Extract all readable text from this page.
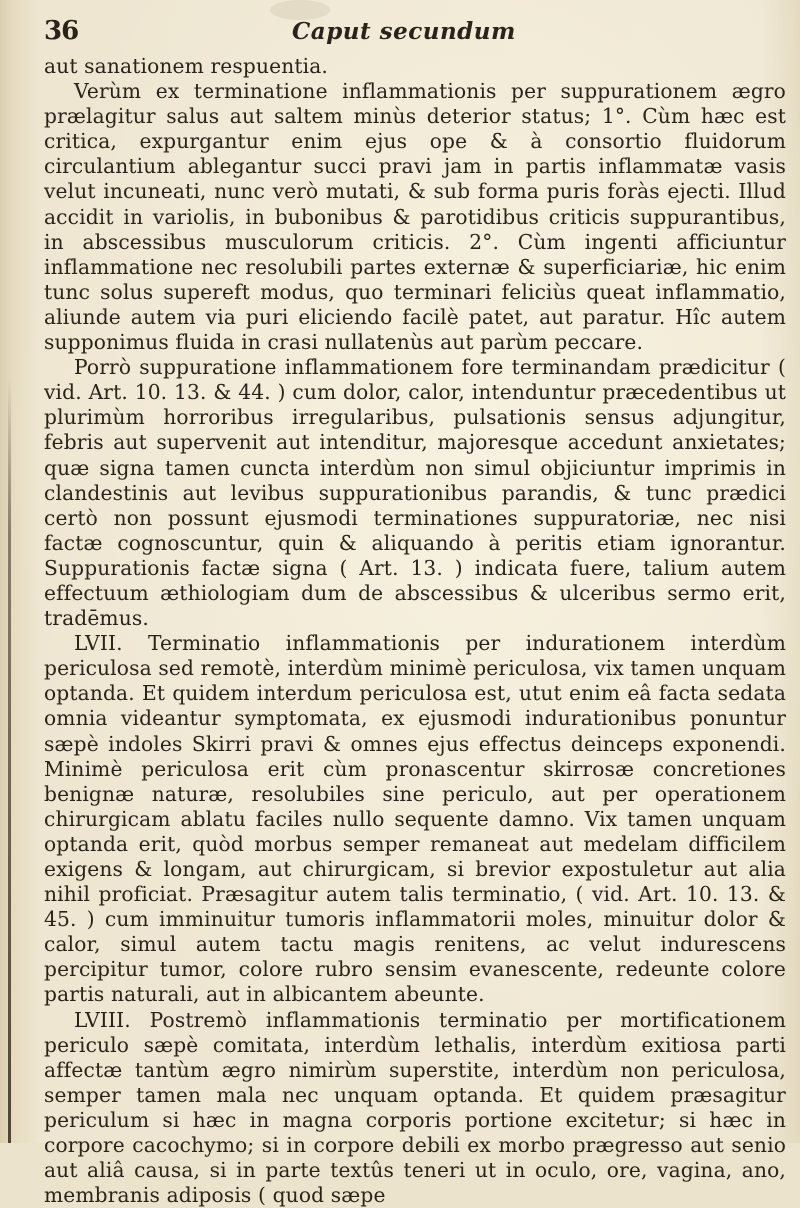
36	Caput secundum

aut sanationem respuentia.

Verùm ex terminatione inflammationis per suppurationem ægro prælagitur salus aut saltem minùs deterior status; 1°. Cùm hæc est critica, expurgantur enim ejus ope & à consortio fluidorum circulantium ablegantur succi pravi jam in partis inflammatæ vasis velut incuneati, nunc verò mutati, & sub forma puris foràs ejecti. Illud accidit in variolis, in bubonibus & parotidibus criticis suppurantibus, in abscessibus musculorum criticis. 2°. Cùm ingenti afficiuntur inflammatione nec resolubili partes externæ & superficiariæ, hic enim tunc solus supereft modus, quo terminari feliciùs queat inflammatio, aliunde autem via puri eliciendo facilè patet, aut paratur. Hîc autem supponimus fluida in crasi nullatenùs aut parùm peccare.

Porrò suppuratione inflammationem fore terminandam prædicitur ( vid. Art. 10. 13. & 44. ) cum dolor, calor, intenduntur præcedentibus ut plurimùm horroribus irregularibus, pulsationis sensus adjungitur, febris aut supervenit aut intenditur, majoresque accedunt anxietates; quæ signa tamen cuncta interdùm non simul objiciuntur imprimis in clandestinis aut levibus suppurationibus parandis, & tunc prædici certò non possunt ejusmodi terminationes suppuratoriæ, nec nisi factæ cognoscuntur, quin & aliquando à peritis etiam ignorantur. Suppurationis factæ signa ( Art. 13. ) indicata fuere, talium autem effectuum æthiologiam dum de abscessibus & ulceribus sermo erit, tradēmus.

LVII. Terminatio inflammationis per indurationem interdùm periculosa sed remotè, interdùm minimè periculosa, vix tamen unquam optanda. Et quidem interdum periculosa est, utut enim eâ facta sedata omnia videantur symptomata, ex ejusmodi indurationibus ponuntur sæpè indoles Skirri pravi & omnes ejus effectus deinceps exponendi. Minimè periculosa erit cùm pronascentur skirrosæ concretiones benignæ naturæ, resolubiles sine periculo, aut per operationem chirurgicam ablatu faciles nullo sequente damno. Vix tamen unquam optanda erit, quòd morbus semper remaneat aut medelam difficilem exigens & longam, aut chirurgicam, si brevior expostuletur aut alia nihil proficiat. Præsagitur autem talis terminatio, ( vid. Art. 10. 13. & 45. ) cum imminuitur tumoris inflammatorii moles, minuitur dolor & calor, simul autem tactu magis renitens, ac velut indurescens percipitur tumor, colore rubro sensim evanescente, redeunte colore partis naturali, aut in albicantem abeunte.

LVIII. Postremò inflammationis terminatio per mortificationem periculo sæpè comitata, interdùm lethalis, interdùm exitiosa parti affectæ tantùm ægro nimirùm superstite, interdùm non periculosa, semper tamen mala nec unquam optanda. Et quidem præsagitur periculum si hæc in magna corporis portione excitetur; si hæc in corpore cacochymo; si in corpore debili ex morbo prægresso aut senio aut aliâ causa, si in parte textûs teneri ut in oculo, ore, vagina, ano, membranis adiposis ( quod sæpe
